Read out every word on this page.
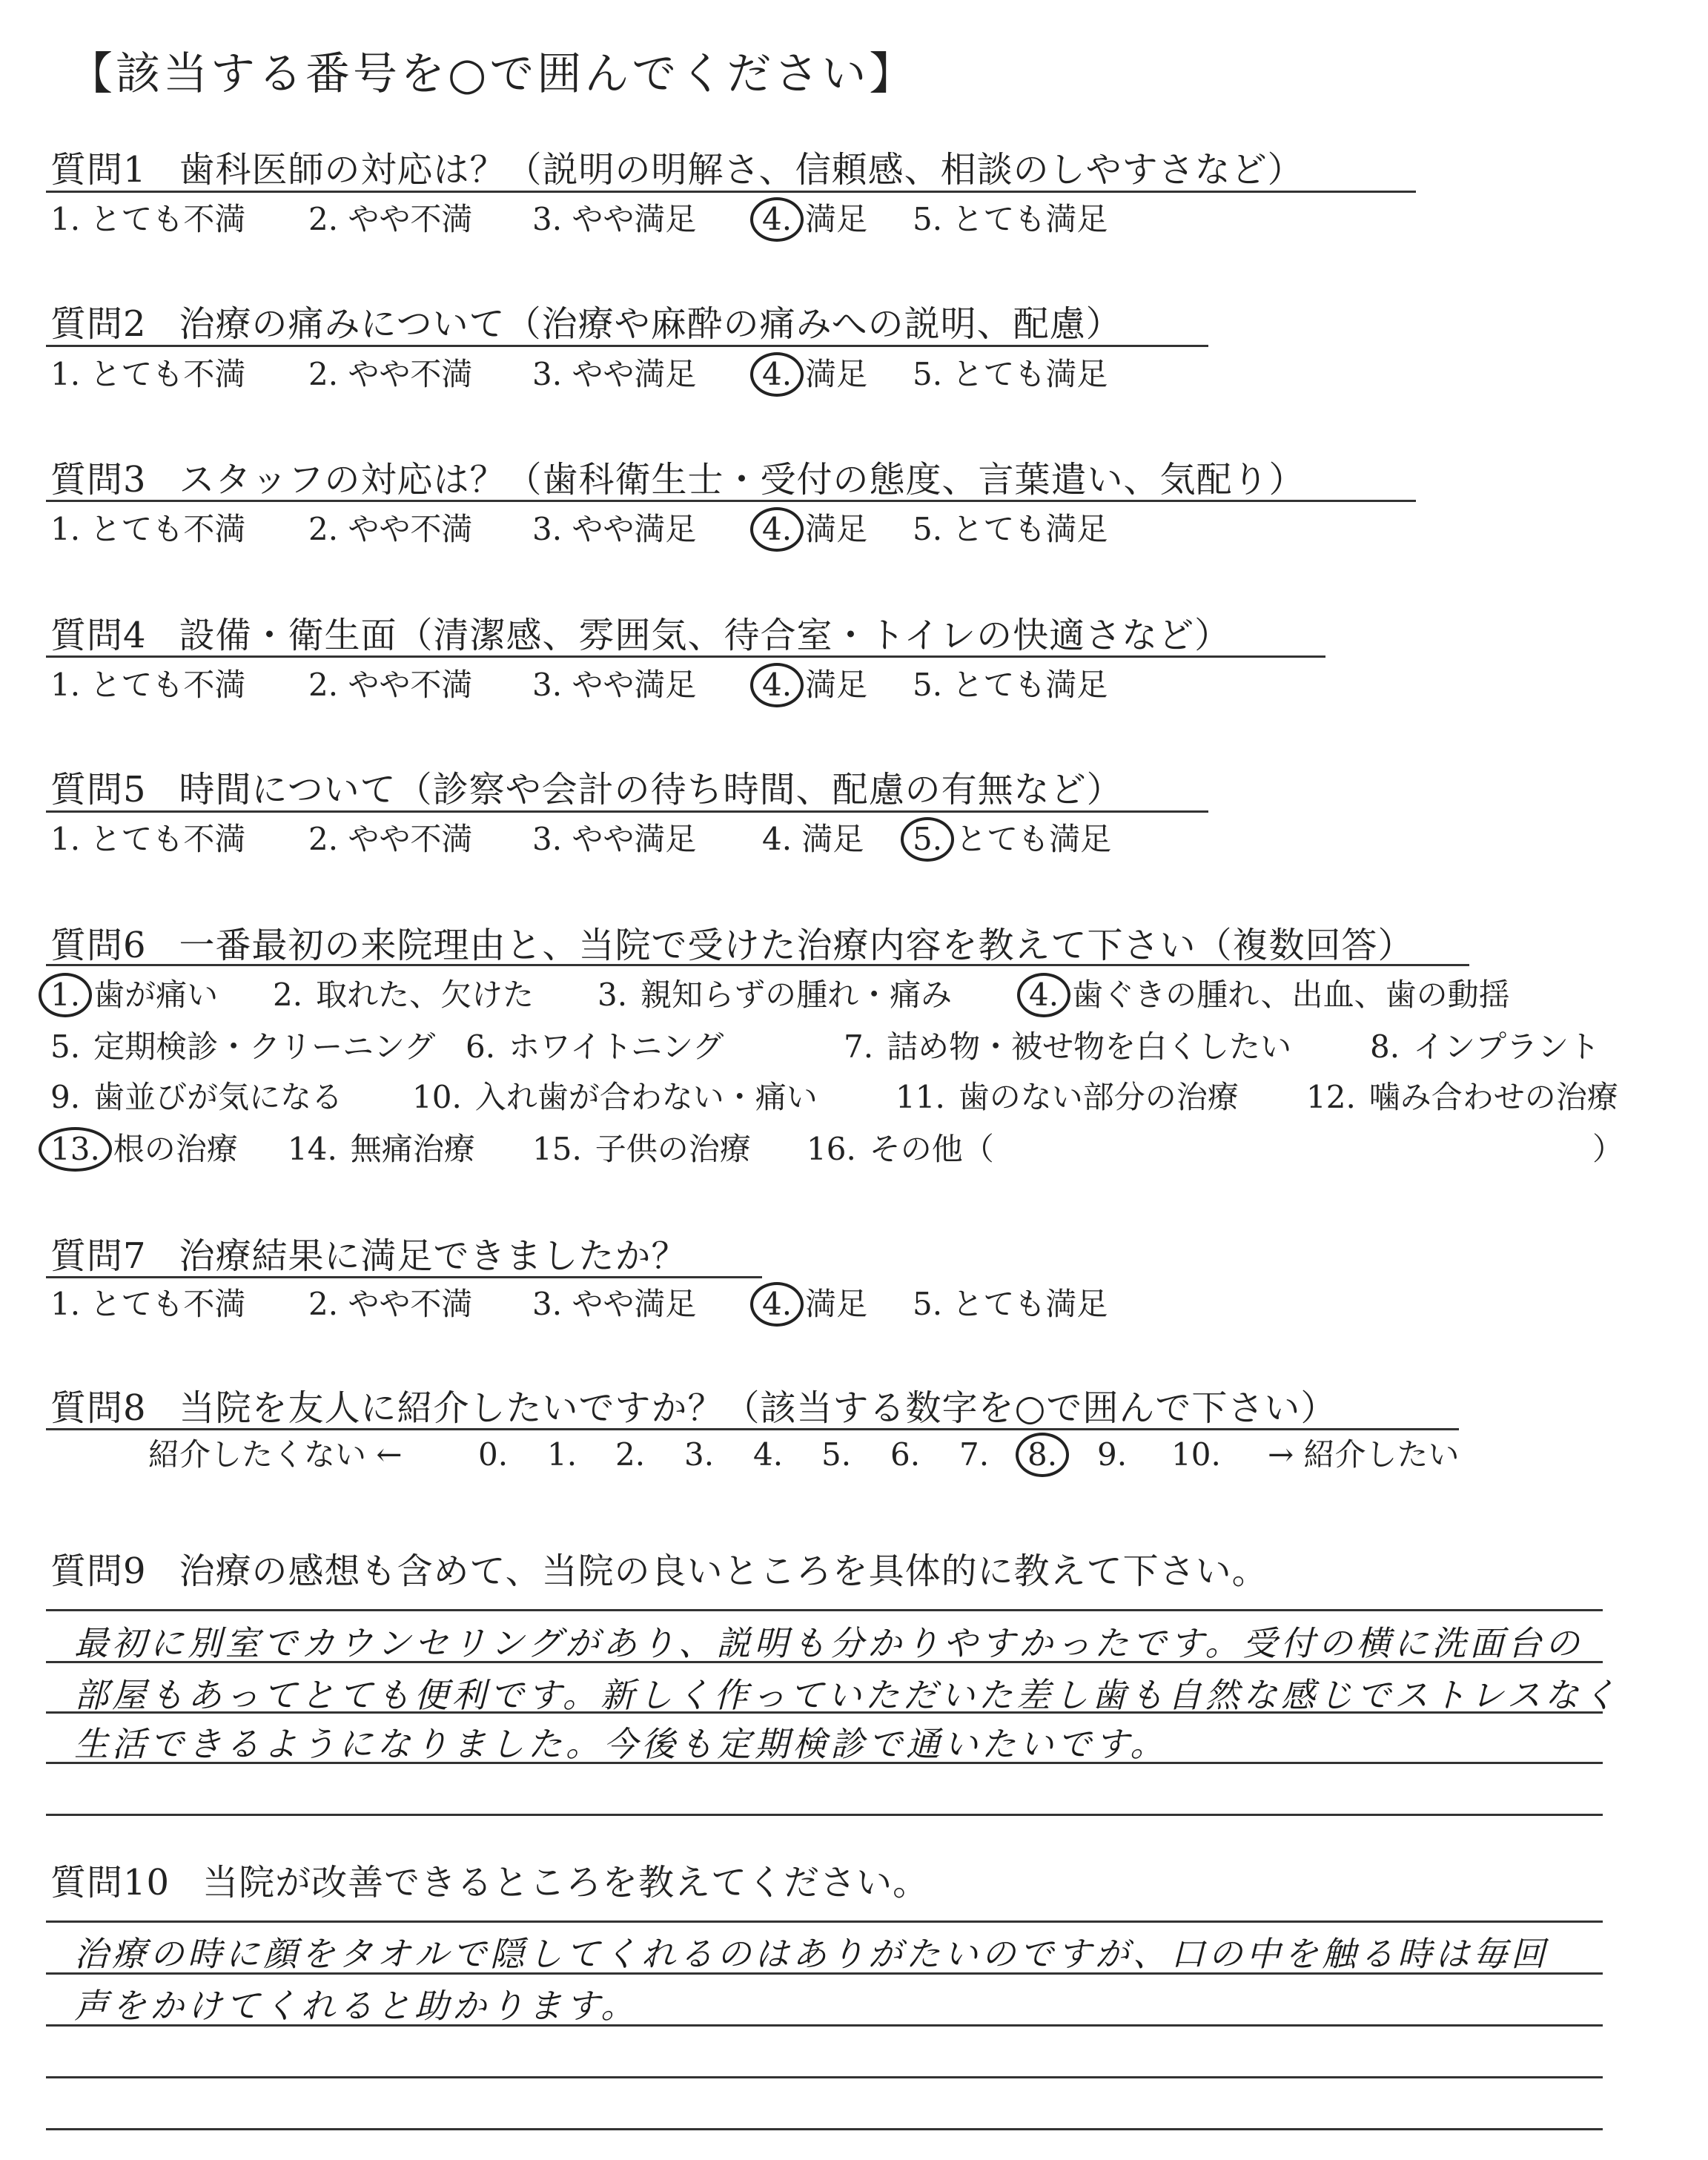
【該当する番号を○で囲んでください】
質問1 歯科医師の対応は？（説明の明解さ、信頼感、相談のしやすさなど）
1. とても不満 2. やや不満 3. やや満足 4. 満足 5. とても満足
質問2 治療の痛みについて（治療や麻酔の痛みへの説明、配慮）
1. とても不満 2. やや不満 3. やや満足 4. 満足 5. とても満足
質問3 スタッフの対応は？（歯科衛生士・受付の態度、言葉遣い、気配り）
1. とても不満 2. やや不満 3. やや満足 4. 満足 5. とても満足
質問4 設備・衛生面（清潔感、雰囲気、待合室・トイレの快適さなど）
1. とても不満 2. やや不満 3. やや満足 4. 満足 5. とても満足
質問5 時間について（診察や会計の待ち時間、配慮の有無など）
1. とても不満 2. やや不満 3. やや満足 4. 満足 5. とても満足
質問6 一番最初の来院理由と、当院で受けた治療内容を教えて下さい（複数回答）
1. 歯が痛い 2. 取れた、欠けた 3. 親知らずの腫れ・痛み 4. 歯ぐきの腫れ、出血、歯の動揺
5. 定期検診・クリーニング 6. ホワイトニング	7. 詰め物・被せ物を白くしたい	8. インプラント
9. 歯並びが気になる 10. 入れ歯が合わない・痛い	11. 歯のない部分の治療 12. 噛み合わせの治療
13. 根の治療 14. 無痛治療 15. 子供の治療 16. その他（	）
質問7 治療結果に満足できましたか？
1. とても不満 2. やや不満 3. やや満足 4. 満足 5. とても満足
質問8 当院を友人に紹介したいですか？（該当する数字を○で囲んで下さい）
紹介したくない ← 0. 1. 2. 3. 4. 5. 6. 7. 8. 9. 10. → 紹介したい
質問9 治療の感想も含めて、当院の良いところを具体的に教えて下さい。
最初に別室でカウンセリングがあり、説明も分かりやすかったです。受付の横に洗面台の
部屋もあってとても便利です。新しく作っていただいた差し歯も自然な感じでストレスなく
生活できるようになりました。今後も定期検診で通いたいです。
質問10 当院が改善できるところを教えてください。
治療の時に顔をタオルで隠してくれるのはありがたいのですが、口の中を触る時は毎回
声をかけてくれると助かります。
